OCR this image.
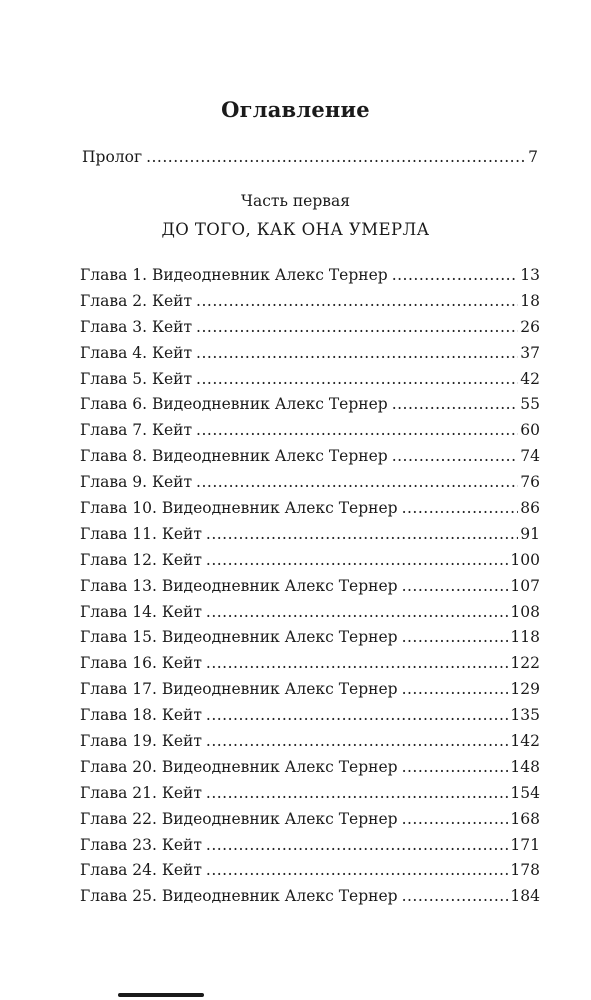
Оглавление
Пролог .....	7
Часть первая
ДО ТОГО, КАК ОНА УМЕРЛА
Глава 1. Видеодневник Алекс Тернер .....	13
Глава 2. Кейт .....	18
Глава 3. Кейт .....	26
Глава 4. Кейт .....	37
Глава 5. Кейт .....	42
Глава 6. Видеодневник Алекс Тернер .....	55
Глава 7. Кейт .....	60
Глава 8. Видеодневник Алекс Тернер .....	74
Глава 9. Кейт .....	76
Глава 10. Видеодневник Алекс Тернер .....	86
Глава 11. Кейт .....	91
Глава 12. Кейт .....	100
Глава 13. Видеодневник Алекс Тернер .....	107
Глава 14. Кейт .....	108
Глава 15. Видеодневник Алекс Тернер .....	118
Глава 16. Кейт .....	122
Глава 17. Видеодневник Алекс Тернер .....	129
Глава 18. Кейт .....	135
Глава 19. Кейт .....	142
Глава 20. Видеодневник Алекс Тернер .....	148
Глава 21. Кейт .....	154
Глава 22. Видеодневник Алекс Тернер .....	168
Глава 23. Кейт .....	171
Глава 24. Кейт .....	178
Глава 25. Видеодневник Алекс Тернер .....	184
